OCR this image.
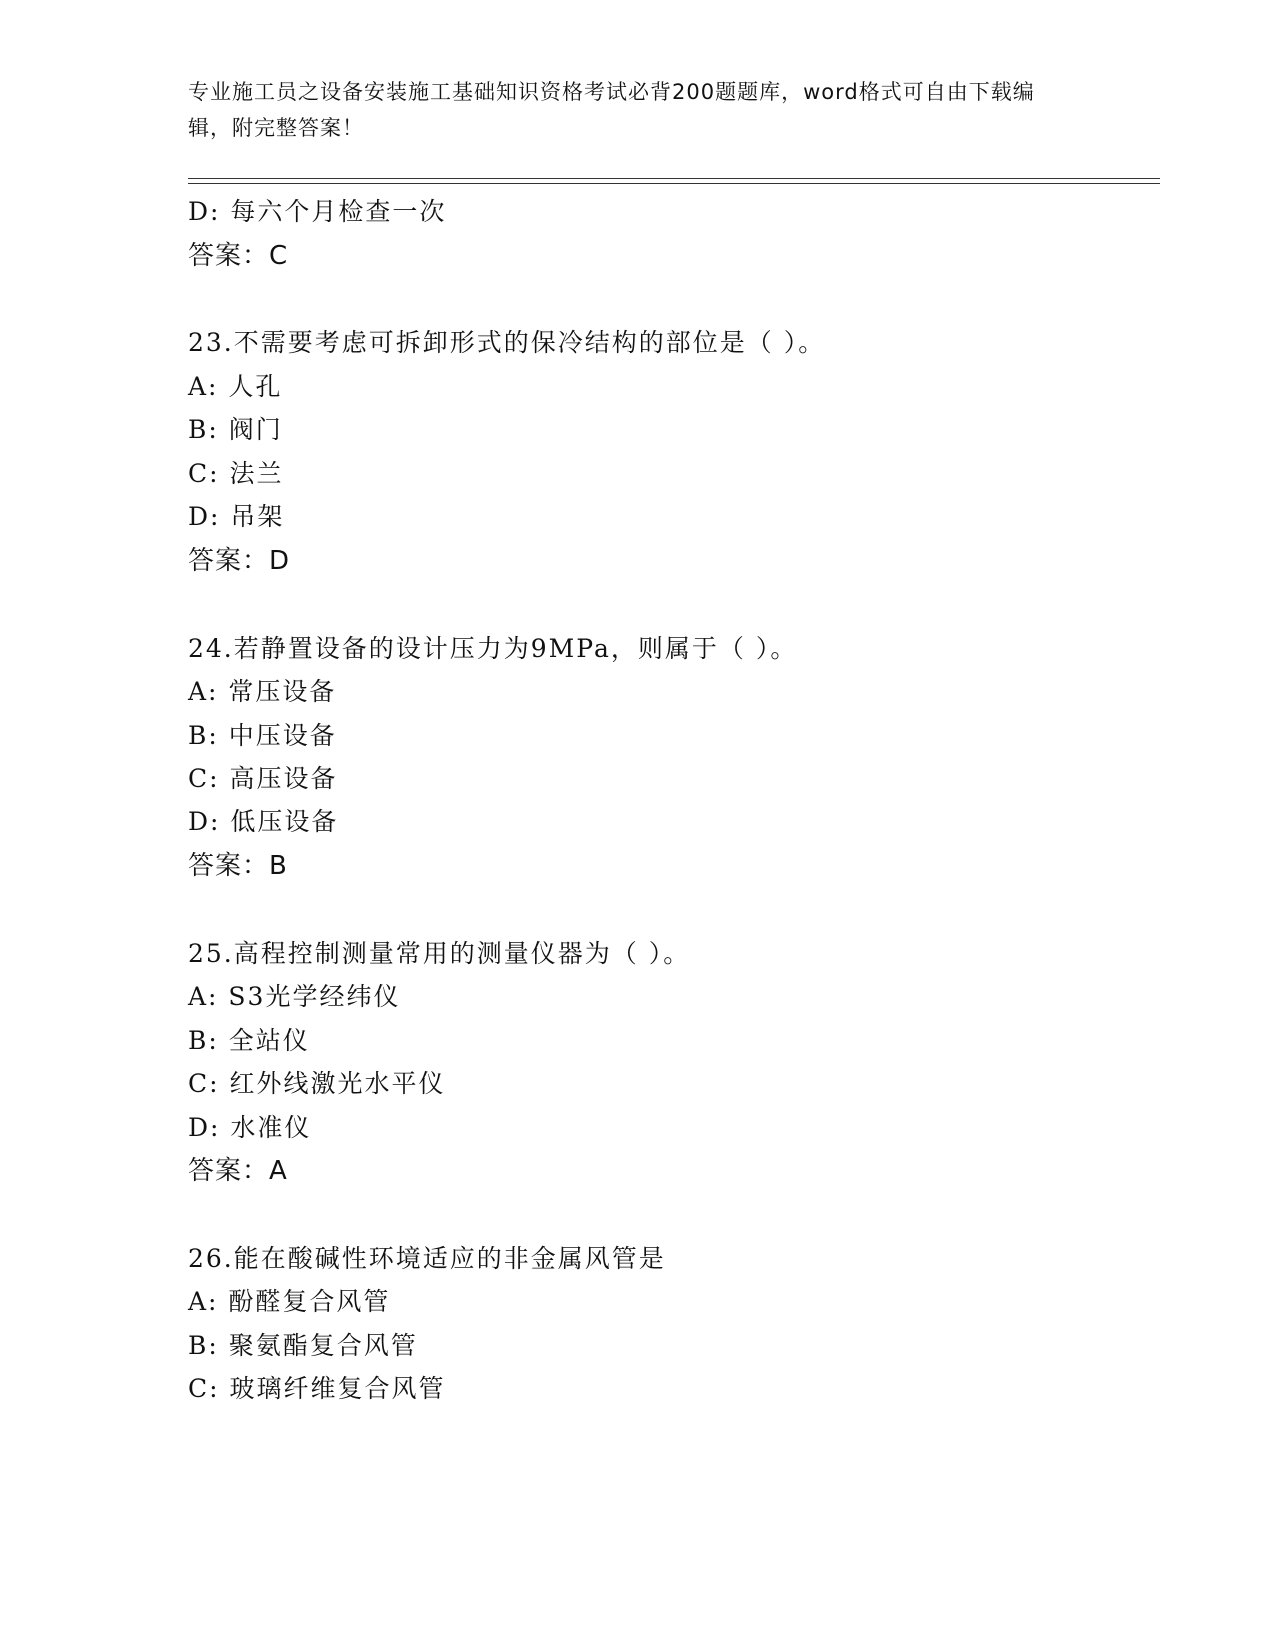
专业施工员之设备安装施工基础知识资格考试必背200题题库，word格式可自由下载编辑，附完整答案！
D: 每六个月检查一次
答案：C
23.不需要考虑可拆卸形式的保冷结构的部位是（ ）。
A: 人孔
B: 阀门
C: 法兰
D: 吊架
答案：D
24.若静置设备的设计压力为9MPa，则属于（ ）。
A: 常压设备
B: 中压设备
C: 高压设备
D: 低压设备
答案：B
25.高程控制测量常用的测量仪器为（ ）。
A: S3光学经纬仪
B: 全站仪
C: 红外线激光水平仪
D: 水准仪
答案：A
26.能在酸碱性环境适应的非金属风管是
A: 酚醛复合风管
B: 聚氨酯复合风管
C: 玻璃纤维复合风管
